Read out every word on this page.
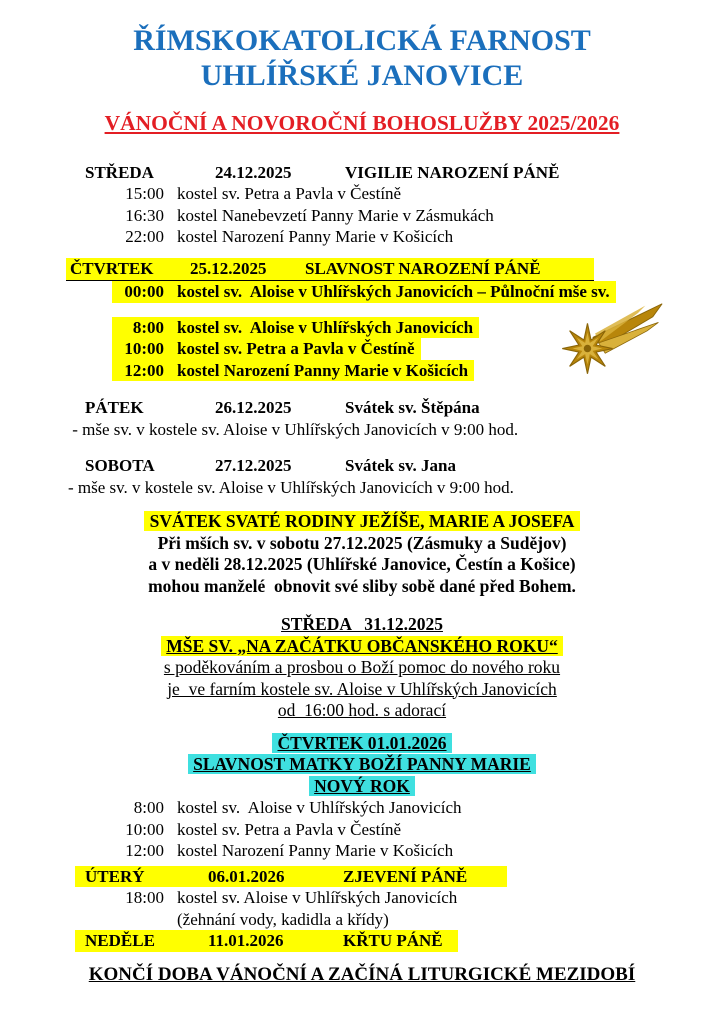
ŘÍMSKOKATOLICKÁ FARNOST
UHLÍŘSKÉ JANOVICE
VÁNOČNÍ A NOVOROČNÍ BOHOSLUŽBY 2025/2026
STŘEDA	24.12.2025	VIGILIE NAROZENÍ PÁNĚ
15:00 kostel sv. Petra a Pavla v Čestíně
16:30 kostel Nanebevzetí Panny Marie v Zásmukách
22:00 kostel Narození Panny Marie v Košicích
ČTVRTEK	25.12.2025	SLAVNOST NAROZENÍ PÁNĚ
00:00 kostel sv.  Aloise v Uhlířských Janovicích – Půlnoční mše sv.
8:00 kostel sv.  Aloise v Uhlířských Janovicích
10:00 kostel sv. Petra a Pavla v Čestíně
12:00 kostel Narození Panny Marie v Košicích
PÁTEK	26.12.2025	Svátek sv. Štěpána
- mše sv. v kostele sv. Aloise v Uhlířských Janovicích v 9:00 hod.
SOBOTA	27.12.2025	Svátek sv. Jana
- mše sv. v kostele sv. Aloise v Uhlířských Janovicích v 9:00 hod.
SVÁTEK SVATÉ RODINY JEŽÍŠE, MARIE A JOSEFA
Při mších sv. v sobotu 27.12.2025 (Zásmuky a Sudějov)
a v neděli 28.12.2025 (Uhlířské Janovice, Čestín a Košice)
mohou manželé  obnovit své sliby sobě dané před Bohem.
STŘEDA   31.12.2025
MŠE SV. „NA ZAČÁTKU OBČANSKÉHO ROKU“
s poděkováním a prosbou o Boží pomoc do nového roku
je  ve farním kostele sv. Aloise v Uhlířských Janovicích
od  16:00 hod. s adorací
ČTVRTEK 01.01.2026
SLAVNOST MATKY BOŽÍ PANNY MARIE
NOVÝ ROK
8:00 kostel sv.  Aloise v Uhlířských Janovicích
10:00 kostel sv. Petra a Pavla v Čestíně
12:00 kostel Narození Panny Marie v Košicích
ÚTERÝ	06.01.2026	ZJEVENÍ PÁNĚ
18:00 kostel sv. Aloise v Uhlířských Janovicích
(žehnání vody, kadidla a křídy)
NEDĚLE	11.01.2026	KŘTU PÁNĚ
KONČÍ DOBA VÁNOČNÍ A ZAČÍNÁ LITURGICKÉ MEZIDOBÍ
